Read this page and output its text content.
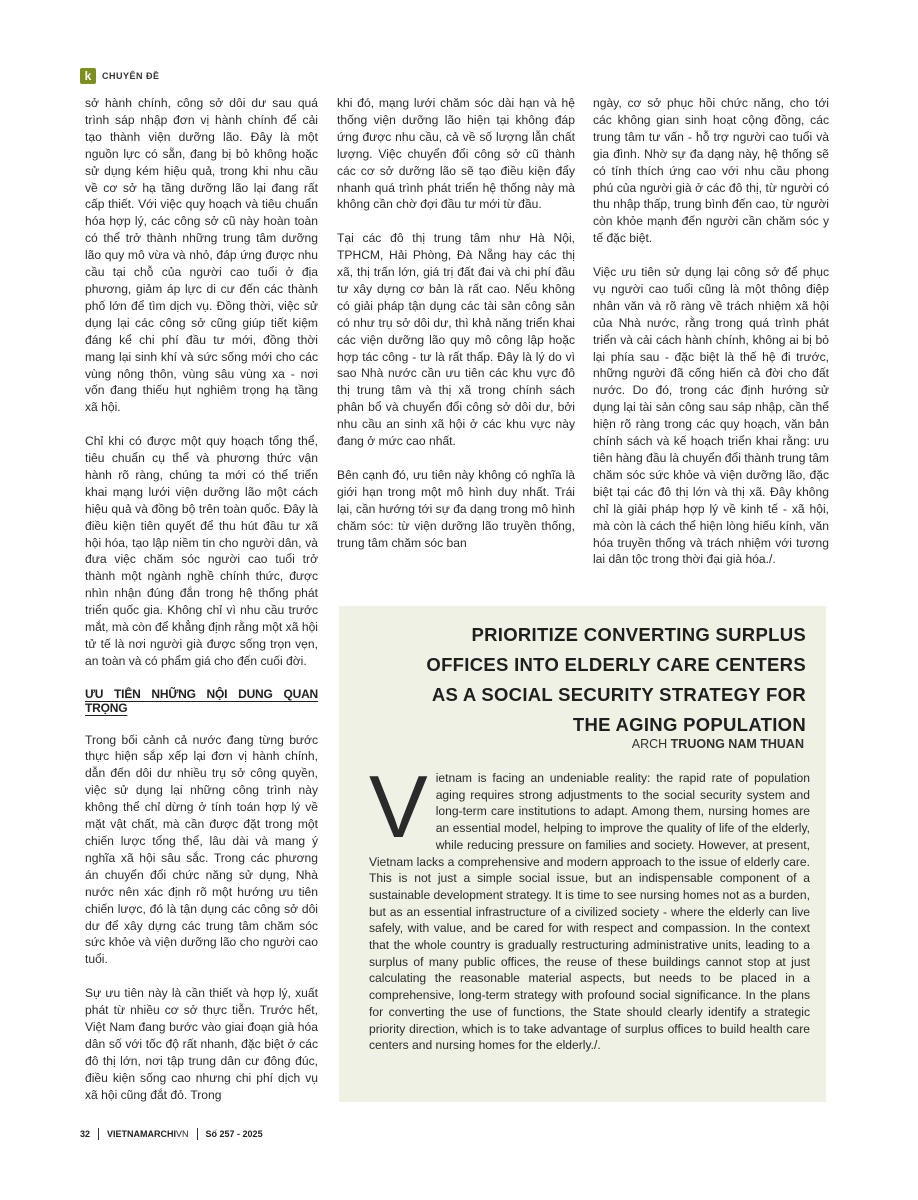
k	CHUYÊN ĐỀ

sở hành chính, công sở dôi dư sau quá trình sáp nhập đơn vị hành chính để cải tạo thành viện dưỡng lão. Đây là một nguồn lực có sẵn, đang bị bỏ không hoặc sử dụng kém hiệu quả, trong khi nhu cầu về cơ sở hạ tầng dưỡng lão lại đang rất cấp thiết. Với việc quy hoạch và tiêu chuẩn hóa hợp lý, các công sở cũ này hoàn toàn có thể trở thành những trung tâm dưỡng lão quy mô vừa và nhỏ, đáp ứng được nhu cầu tại chỗ của người cao tuổi ở địa phương, giảm áp lực di cư đến các thành phố lớn để tìm dịch vụ. Đồng thời, việc sử dụng lại các công sở cũng giúp tiết kiệm đáng kể chi phí đầu tư mới, đồng thời mang lại sinh khí và sức sống mới cho các vùng nông thôn, vùng sâu vùng xa - nơi vốn đang thiếu hụt nghiêm trọng hạ tầng xã hội.

Chỉ khi có được một quy hoạch tổng thể, tiêu chuẩn cụ thể và phương thức vận hành rõ ràng, chúng ta mới có thể triển khai mạng lưới viện dưỡng lão một cách hiệu quả và đồng bộ trên toàn quốc. Đây là điều kiện tiên quyết để thu hút đầu tư xã hội hóa, tạo lập niềm tin cho người dân, và đưa việc chăm sóc người cao tuổi trở thành một ngành nghề chính thức, được nhìn nhận đúng đắn trong hệ thống phát triển quốc gia. Không chỉ vì nhu cầu trước mắt, mà còn để khẳng định rằng một xã hội tử tế là nơi người già được sống trọn vẹn, an toàn và có phẩm giá cho đến cuối đời.

ƯU TIÊN NHỮNG NỘI DUNG QUAN TRỌNG

Trong bối cảnh cả nước đang từng bước thực hiện sắp xếp lại đơn vị hành chính, dẫn đến dôi dư nhiều trụ sở công quyền, việc sử dụng lại những công trình này không thể chỉ dừng ở tính toán hợp lý về mặt vật chất, mà cần được đặt trong một chiến lược tổng thể, lâu dài và mang ý nghĩa xã hội sâu sắc. Trong các phương án chuyển đổi chức năng sử dụng, Nhà nước nên xác định rõ một hướng ưu tiên chiến lược, đó là tận dụng các công sở dôi dư để xây dựng các trung tâm chăm sóc sức khỏe và viện dưỡng lão cho người cao tuổi.

Sự ưu tiên này là cần thiết và hợp lý, xuất phát từ nhiều cơ sở thực tiễn. Trước hết, Việt Nam đang bước vào giai đoạn già hóa dân số với tốc độ rất nhanh, đặc biệt ở các đô thị lớn, nơi tập trung dân cư đông đúc, điều kiện sống cao nhưng chi phí dịch vụ xã hội cũng đắt đỏ. Trong

khi đó, mạng lưới chăm sóc dài hạn và hệ thống viện dưỡng lão hiện tại không đáp ứng được nhu cầu, cả về số lượng lẫn chất lượng. Việc chuyển đổi công sở cũ thành các cơ sở dưỡng lão sẽ tạo điều kiện đẩy nhanh quá trình phát triển hệ thống này mà không cần chờ đợi đầu tư mới từ đầu.

Tại các đô thị trung tâm như Hà Nội, TPHCM, Hải Phòng, Đà Nẵng hay các thị xã, thị trấn lớn, giá trị đất đai và chi phí đầu tư xây dựng cơ bản là rất cao. Nếu không có giải pháp tận dụng các tài sản công sản có như trụ sở dôi dư, thì khả năng triển khai các viện dưỡng lão quy mô công lập hoặc hợp tác công - tư là rất thấp. Đây là lý do vì sao Nhà nước cần ưu tiên các khu vực đô thị trung tâm và thị xã trong chính sách phân bổ và chuyển đổi công sở dôi dư, bởi nhu cầu an sinh xã hội ở các khu vực này đang ở mức cao nhất.

Bên cạnh đó, ưu tiên này không có nghĩa là giới hạn trong một mô hình duy nhất. Trái lại, cần hướng tới sự đa dạng trong mô hình chăm sóc: từ viện dưỡng lão truyền thống, trung tâm chăm sóc ban

ngày, cơ sở phục hồi chức năng, cho tới các không gian sinh hoạt cộng đồng, các trung tâm tư vấn - hỗ trợ người cao tuổi và gia đình. Nhờ sự đa dạng này, hệ thống sẽ có tính thích ứng cao với nhu cầu phong phú của người già ở các đô thị, từ người có thu nhập thấp, trung bình đến cao, từ người còn khỏe mạnh đến người cần chăm sóc y tế đặc biệt.

Việc ưu tiên sử dụng lại công sở để phục vụ người cao tuổi cũng là một thông điệp nhân văn và rõ ràng về trách nhiệm xã hội của Nhà nước, rằng trong quá trình phát triển và cải cách hành chính, không ai bị bỏ lại phía sau - đặc biệt là thế hệ đi trước, những người đã cống hiến cả đời cho đất nước. Do đó, trong các định hướng sử dụng lại tài sản công sau sáp nhập, cần thể hiện rõ ràng trong các quy hoạch, văn bản chính sách và kế hoạch triển khai rằng: ưu tiên hàng đầu là chuyển đổi thành trung tâm chăm sóc sức khỏe và viện dưỡng lão, đặc biệt tại các đô thị lớn và thị xã. Đây không chỉ là giải pháp hợp lý về kinh tế - xã hội, mà còn là cách thể hiện lòng hiếu kính, văn hóa truyền thống và trách nhiệm với tương lai dân tộc trong thời đại già hóa./.

PRIORITIZE CONVERTING SURPLUS
OFFICES INTO ELDERLY CARE CENTERS
AS A SOCIAL SECURITY STRATEGY FOR
THE AGING POPULATION
ARCH TRUONG NAM THUAN

Vietnam is facing an undeniable reality: the rapid rate of population aging requires strong adjustments to the social security system and long-term care institutions to adapt. Among them, nursing homes are an essential model, helping to improve the quality of life of the elderly, while reducing pressure on families and society. However, at present, Vietnam lacks a comprehensive and modern approach to the issue of elderly care. This is not just a simple social issue, but an indispensable component of a sustainable development strategy. It is time to see nursing homes not as a burden, but as an essential infrastructure of a civilized society - where the elderly can live safely, with value, and be cared for with respect and compassion. In the context that the whole country is gradually restructuring administrative units, leading to a surplus of many public offices, the reuse of these buildings cannot stop at just calculating the reasonable material aspects, but needs to be placed in a comprehensive, long-term strategy with profound social significance. In the plans for converting the use of functions, the State should clearly identify a strategic priority direction, which is to take advantage of surplus offices to build health care centers and nursing homes for the elderly./.

32 VIETNAMARCHIVN Số 257 - 2025
